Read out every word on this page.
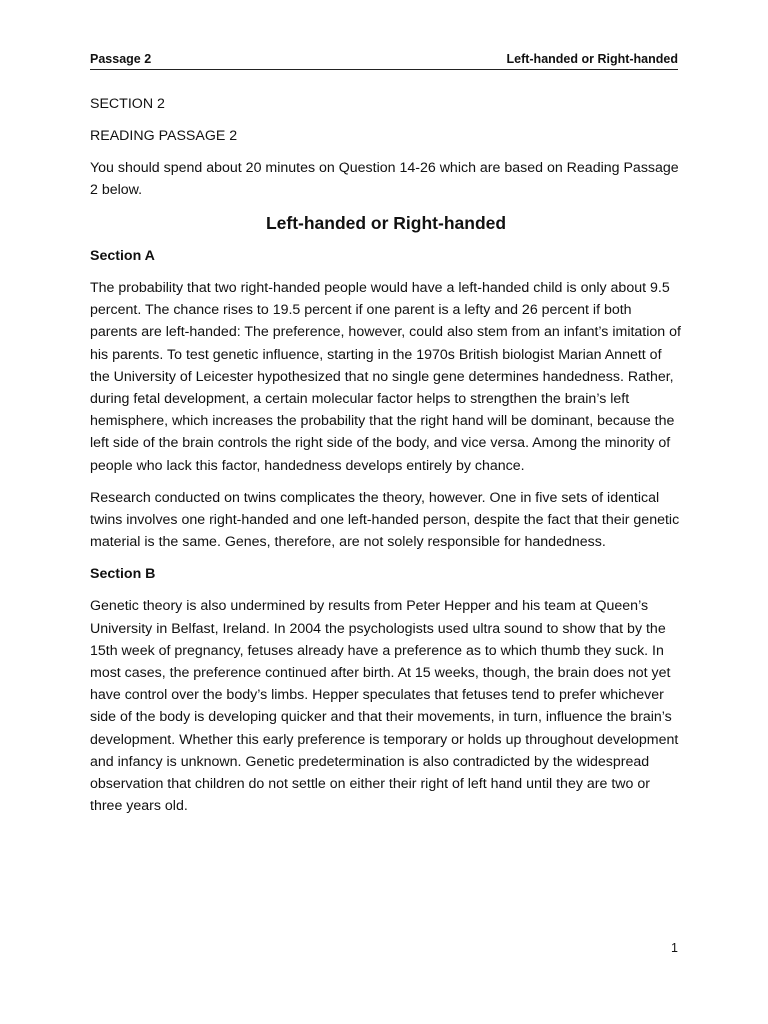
Passage 2	Left-handed or Right-handed

SECTION 2

READING PASSAGE 2

You should spend about 20 minutes on Question 14-26 which are based on Reading Passage 2 below.

Left-handed or Right-handed

Section A

The probability that two right-handed people would have a left-handed child is only about 9.5 percent. The chance rises to 19.5 percent if one parent is a lefty and 26 percent if both parents are left-handed: The preference, however, could also stem from an infant’s imitation of his parents. To test genetic influence, starting in the 1970s British biologist Marian Annett of the University of Leicester hypothesized that no single gene determines handedness. Rather, during fetal development, a certain molecular factor helps to strengthen the brain’s left hemisphere, which increases the probability that the right hand will be dominant, because the left side of the brain controls the right side of the body, and vice versa. Among the minority of people who lack this factor, handedness develops entirely by chance.

Research conducted on twins complicates the theory, however. One in five sets of identical twins involves one right-handed and one left-handed person, despite the fact that their genetic material is the same. Genes, therefore, are not solely responsible for handedness.

Section B

Genetic theory is also undermined by results from Peter Hepper and his team at Queen’s University in Belfast, Ireland. In 2004 the psychologists used ultra sound to show that by the 15th week of pregnancy, fetuses already have a preference as to which thumb they suck. In most cases, the preference continued after birth. At 15 weeks, though, the brain does not yet have control over the body’s limbs. Hepper speculates that fetuses tend to prefer whichever side of the body is developing quicker and that their movements, in turn, influence the brain’s development. Whether this early preference is temporary or holds up throughout development and infancy is unknown. Genetic predetermination is also contradicted by the widespread observation that children do not settle on either their right of left hand until they are two or three years old.

1
